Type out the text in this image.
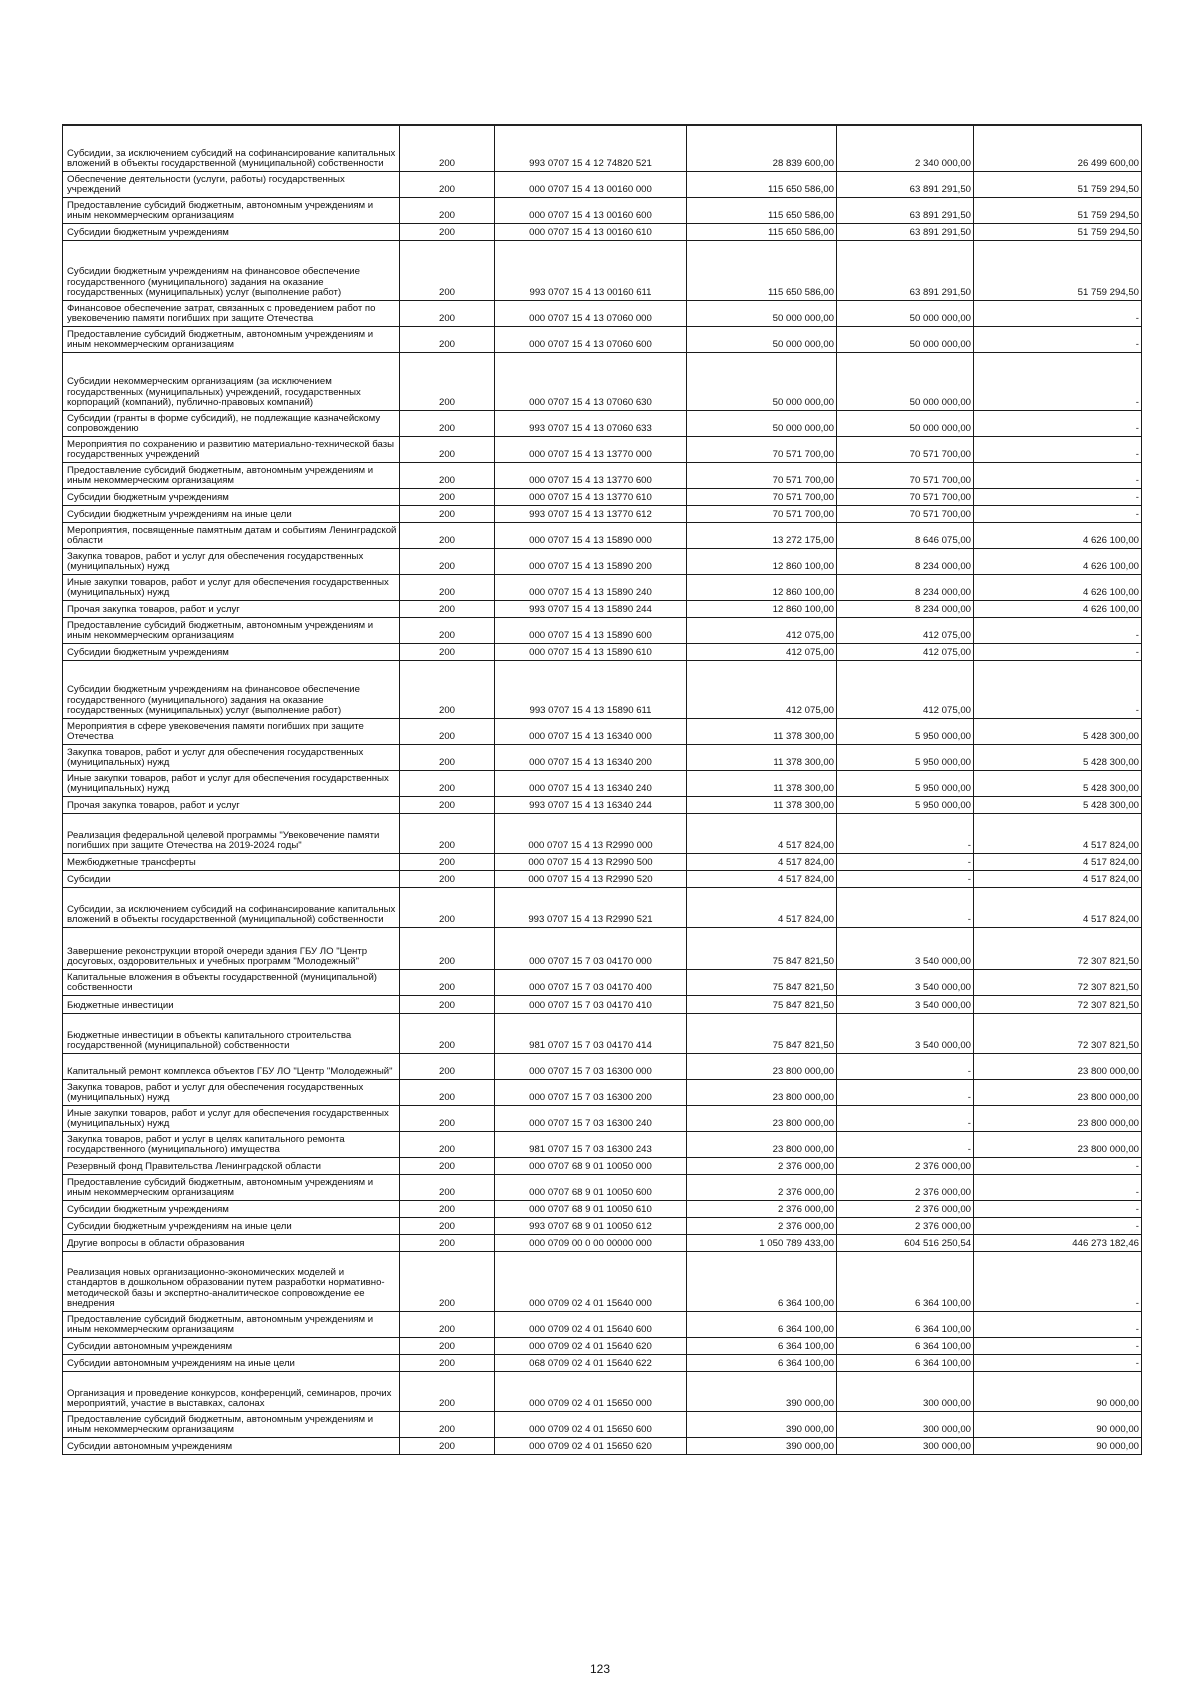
Субсидии, за исключением субсидий на софинансирование капитальных вложений в объекты государственной (муниципальной) собственности	200	993 0707 15 4 12 74820 521	28 839 600,00	2 340 000,00	26 499 600,00
Обеспечение деятельности (услуги, работы) государственных учреждений	200	000 0707 15 4 13 00160 000	115 650 586,00	63 891 291,50	51 759 294,50
Предоставление субсидий бюджетным, автономным учреждениям и иным некоммерческим организациям	200	000 0707 15 4 13 00160 600	115 650 586,00	63 891 291,50	51 759 294,50
Субсидии бюджетным учреждениям	200	000 0707 15 4 13 00160 610	115 650 586,00	63 891 291,50	51 759 294,50
Субсидии бюджетным учреждениям на финансовое обеспечение государственного (муниципального) задания на оказание государственных (муниципальных) услуг (выполнение работ)	200	993 0707 15 4 13 00160 611	115 650 586,00	63 891 291,50	51 759 294,50
Финансовое обеспечение затрат, связанных с проведением работ по увековечению памяти погибших при защите Отечества	200	000 0707 15 4 13 07060 000	50 000 000,00	50 000 000,00	-
Предоставление субсидий бюджетным, автономным учреждениям и иным некоммерческим организациям	200	000 0707 15 4 13 07060 600	50 000 000,00	50 000 000,00	-
Субсидии некоммерческим организациям (за исключением государственных (муниципальных) учреждений, государственных корпораций (компаний), публично-правовых компаний)	200	000 0707 15 4 13 07060 630	50 000 000,00	50 000 000,00	-
Субсидии (гранты в форме субсидий), не подлежащие казначейскому сопровождению	200	993 0707 15 4 13 07060 633	50 000 000,00	50 000 000,00	-
Мероприятия по сохранению и развитию материально-технической базы государственных учреждений	200	000 0707 15 4 13 13770 000	70 571 700,00	70 571 700,00	-
Предоставление субсидий бюджетным, автономным учреждениям и иным некоммерческим организациям	200	000 0707 15 4 13 13770 600	70 571 700,00	70 571 700,00	-
Субсидии бюджетным учреждениям	200	000 0707 15 4 13 13770 610	70 571 700,00	70 571 700,00	-
Субсидии бюджетным учреждениям на иные цели	200	993 0707 15 4 13 13770 612	70 571 700,00	70 571 700,00	-
Мероприятия, посвященные памятным датам и событиям Ленинградской области	200	000 0707 15 4 13 15890 000	13 272 175,00	8 646 075,00	4 626 100,00
Закупка товаров, работ и услуг для обеспечения государственных (муниципальных) нужд	200	000 0707 15 4 13 15890 200	12 860 100,00	8 234 000,00	4 626 100,00
Иные закупки товаров, работ и услуг для обеспечения государственных (муниципальных) нужд	200	000 0707 15 4 13 15890 240	12 860 100,00	8 234 000,00	4 626 100,00
Прочая закупка товаров, работ и услуг	200	993 0707 15 4 13 15890 244	12 860 100,00	8 234 000,00	4 626 100,00
Предоставление субсидий бюджетным, автономным учреждениям и иным некоммерческим организациям	200	000 0707 15 4 13 15890 600	412 075,00	412 075,00	-
Субсидии бюджетным учреждениям	200	000 0707 15 4 13 15890 610	412 075,00	412 075,00	-
Субсидии бюджетным учреждениям на финансовое обеспечение государственного (муниципального) задания на оказание государственных (муниципальных) услуг (выполнение работ)	200	993 0707 15 4 13 15890 611	412 075,00	412 075,00	-
Мероприятия в сфере увековечения памяти погибших при защите Отечества	200	000 0707 15 4 13 16340 000	11 378 300,00	5 950 000,00	5 428 300,00
Закупка товаров, работ и услуг для обеспечения государственных (муниципальных) нужд	200	000 0707 15 4 13 16340 200	11 378 300,00	5 950 000,00	5 428 300,00
Иные закупки товаров, работ и услуг для обеспечения государственных (муниципальных) нужд	200	000 0707 15 4 13 16340 240	11 378 300,00	5 950 000,00	5 428 300,00
Прочая закупка товаров, работ и услуг	200	993 0707 15 4 13 16340 244	11 378 300,00	5 950 000,00	5 428 300,00
Реализация федеральной целевой программы "Увековечение памяти погибших при защите Отечества на 2019-2024 годы"	200	000 0707 15 4 13 R2990 000	4 517 824,00	-	4 517 824,00
Межбюджетные трансферты	200	000 0707 15 4 13 R2990 500	4 517 824,00	-	4 517 824,00
Субсидии	200	000 0707 15 4 13 R2990 520	4 517 824,00	-	4 517 824,00
Субсидии, за исключением субсидий на софинансирование капитальных вложений в объекты государственной (муниципальной) собственности	200	993 0707 15 4 13 R2990 521	4 517 824,00	-	4 517 824,00
Завершение реконструкции второй очереди здания ГБУ ЛО "Центр досуговых, оздоровительных и учебных программ "Молодежный"	200	000 0707 15 7 03 04170 000	75 847 821,50	3 540 000,00	72 307 821,50
Капитальные вложения в объекты государственной (муниципальной) собственности	200	000 0707 15 7 03 04170 400	75 847 821,50	3 540 000,00	72 307 821,50
Бюджетные инвестиции	200	000 0707 15 7 03 04170 410	75 847 821,50	3 540 000,00	72 307 821,50
Бюджетные инвестиции в объекты капитального строительства государственной (муниципальной) собственности	200	981 0707 15 7 03 04170 414	75 847 821,50	3 540 000,00	72 307 821,50
Капитальный ремонт комплекса объектов ГБУ ЛО "Центр "Молодежный"	200	000 0707 15 7 03 16300 000	23 800 000,00	-	23 800 000,00
Закупка товаров, работ и услуг для обеспечения государственных (муниципальных) нужд	200	000 0707 15 7 03 16300 200	23 800 000,00	-	23 800 000,00
Иные закупки товаров, работ и услуг для обеспечения государственных (муниципальных) нужд	200	000 0707 15 7 03 16300 240	23 800 000,00	-	23 800 000,00
Закупка товаров, работ и услуг в целях капитального ремонта государственного (муниципального) имущества	200	981 0707 15 7 03 16300 243	23 800 000,00	-	23 800 000,00
Резервный фонд Правительства Ленинградской области	200	000 0707 68 9 01 10050 000	2 376 000,00	2 376 000,00	-
Предоставление субсидий бюджетным, автономным учреждениям и иным некоммерческим организациям	200	000 0707 68 9 01 10050 600	2 376 000,00	2 376 000,00	-
Субсидии бюджетным учреждениям	200	000 0707 68 9 01 10050 610	2 376 000,00	2 376 000,00	-
Субсидии бюджетным учреждениям на иные цели	200	993 0707 68 9 01 10050 612	2 376 000,00	2 376 000,00	-
Другие вопросы в области образования	200	000 0709 00 0 00 00000 000	1 050 789 433,00	604 516 250,54	446 273 182,46
Реализация новых организационно-экономических моделей и стандартов в дошкольном образовании путем разработки нормативно-методической базы и экспертно-аналитическое сопровождение ее внедрения	200	000 0709 02 4 01 15640 000	6 364 100,00	6 364 100,00	-
Предоставление субсидий бюджетным, автономным учреждениям и иным некоммерческим организациям	200	000 0709 02 4 01 15640 600	6 364 100,00	6 364 100,00	-
Субсидии автономным учреждениям	200	000 0709 02 4 01 15640 620	6 364 100,00	6 364 100,00	-
Субсидии автономным учреждениям на иные цели	200	068 0709 02 4 01 15640 622	6 364 100,00	6 364 100,00	-
Организация и проведение конкурсов, конференций, семинаров, прочих мероприятий, участие в выставках, салонах	200	000 0709 02 4 01 15650 000	390 000,00	300 000,00	90 000,00
Предоставление субсидий бюджетным, автономным учреждениям и иным некоммерческим организациям	200	000 0709 02 4 01 15650 600	390 000,00	300 000,00	90 000,00
Субсидии автономным учреждениям	200	000 0709 02 4 01 15650 620	390 000,00	300 000,00	90 000,00
123
